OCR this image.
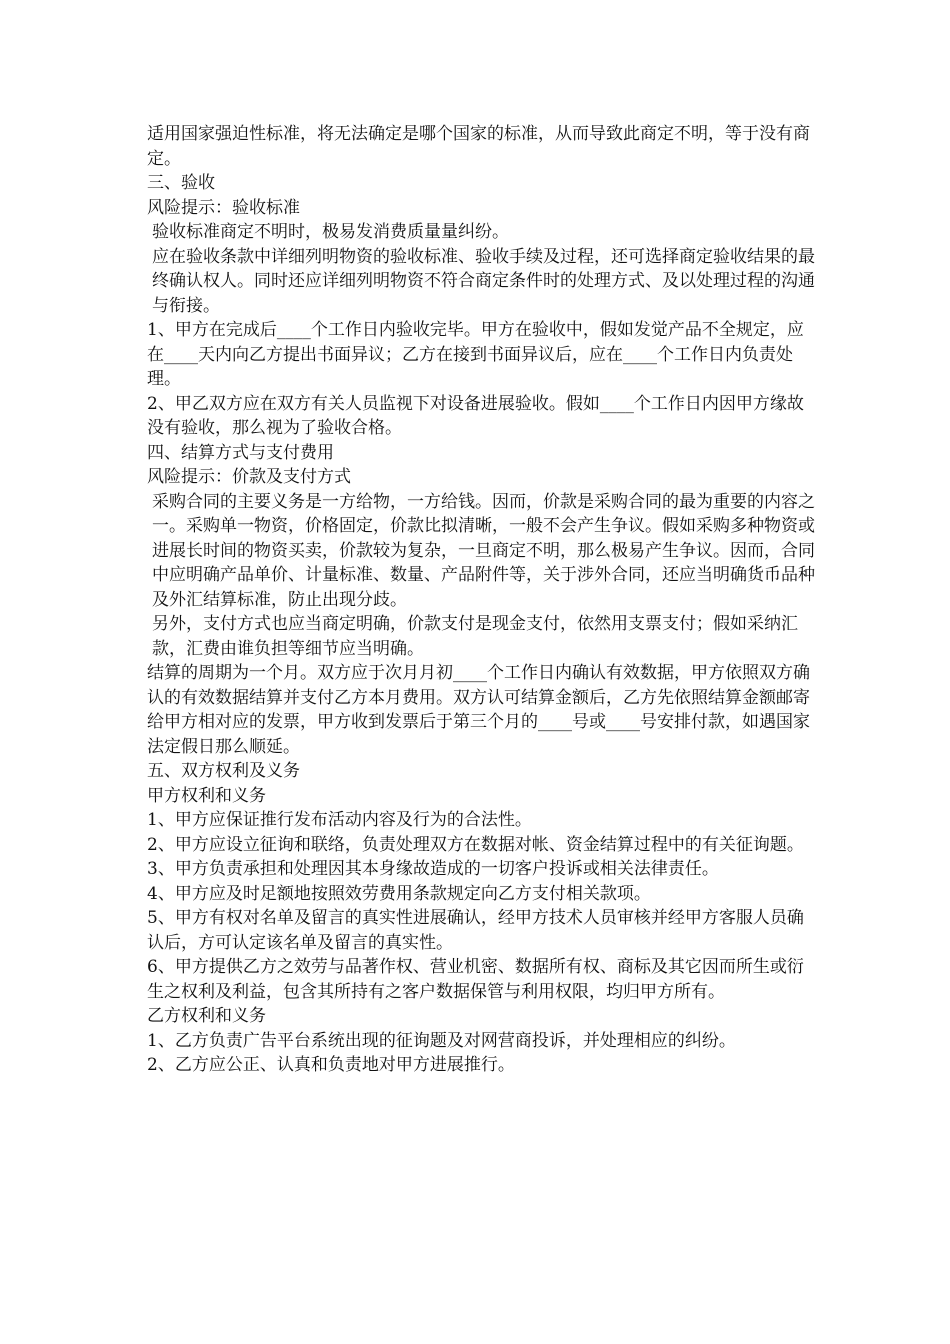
适用国家强迫性标准，将无法确定是哪个国家的标准，从而导致此商定不明，等于没有商定。

三、验收

风险提示：验收标准

验收标准商定不明时，极易发消费质量量纠纷。

应在验收条款中详细列明物资的验收标准、验收手续及过程，还可选择商定验收结果的最终确认权人。同时还应详细列明物资不符合商定条件时的处理方式、及以处理过程的沟通与衔接。

1、甲方在完成后____个工作日内验收完毕。甲方在验收中，假如发觉产品不全规定，应在____天内向乙方提出书面异议；乙方在接到书面异议后，应在____个工作日内负责处理。

2、甲乙双方应在双方有关人员监视下对设备进展验收。假如____个工作日内因甲方缘故没有验收，那么视为了验收合格。

四、结算方式与支付费用

风险提示：价款及支付方式

采购合同的主要义务是一方给物，一方给钱。因而，价款是采购合同的最为重要的内容之一。采购单一物资，价格固定，价款比拟清晰，一般不会产生争议。假如采购多种物资或进展长时间的物资买卖，价款较为复杂，一旦商定不明，那么极易产生争议。因而，合同中应明确产品单价、计量标准、数量、产品附件等，关于涉外合同，还应当明确货币品种及外汇结算标准，防止出现分歧。

另外，支付方式也应当商定明确，价款支付是现金支付，依然用支票支付；假如采纳汇款，汇费由谁负担等细节应当明确。

结算的周期为一个月。双方应于次月月初____个工作日内确认有效数据，甲方依照双方确认的有效数据结算并支付乙方本月费用。双方认可结算金额后，乙方先依照结算金额邮寄给甲方相对应的发票，甲方收到发票后于第三个月的____号或____号安排付款，如遇国家法定假日那么顺延。

五、双方权利及义务

甲方权利和义务

1、甲方应保证推行发布活动内容及行为的合法性。

2、甲方应设立征询和联络，负责处理双方在数据对帐、资金结算过程中的有关征询题。

3、甲方负责承担和处理因其本身缘故造成的一切客户投诉或相关法律责任。

4、甲方应及时足额地按照效劳费用条款规定向乙方支付相关款项。

5、甲方有权对名单及留言的真实性进展确认，经甲方技术人员审核并经甲方客服人员确认后，方可认定该名单及留言的真实性。

6、甲方提供乙方之效劳与品著作权、营业机密、数据所有权、商标及其它因而所生或衍生之权利及利益，包含其所持有之客户数据保管与利用权限，均归甲方所有。

乙方权利和义务

1、乙方负责广告平台系统出现的征询题及对网营商投诉，并处理相应的纠纷。

2、乙方应公正、认真和负责地对甲方进展推行。
